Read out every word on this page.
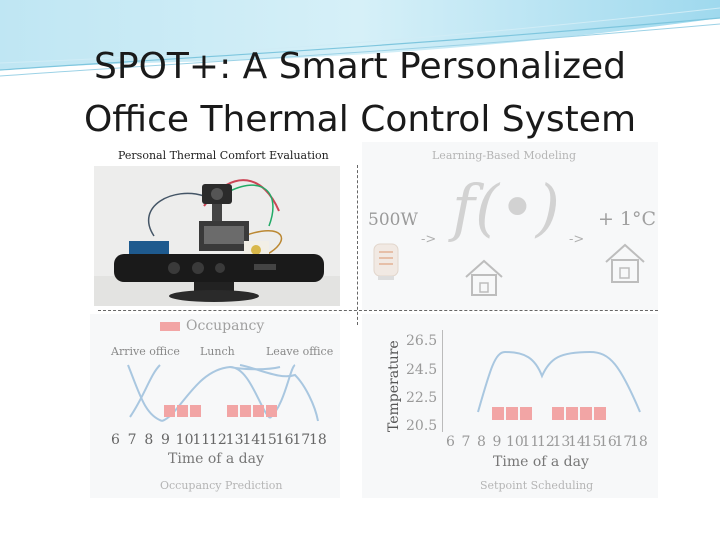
SPOT+: A Smart Personalized
Office Thermal Control System
Personal Thermal Comfort Evaluation	Learning-Based Modeling
Occupancy Prediction	Setpoint Scheduling
500W
-> f(•) ->
+ 1°C
Occupancy
Arrive office Lunch	Leave office
6 7 8 9 10
11
12
13
14
15
16
17
18
Time of a day
Temperature 26.5
24.5
22.5
20.5
6 7 8 9 10
11
12
13
14
15
16
17
18
Time of a day
